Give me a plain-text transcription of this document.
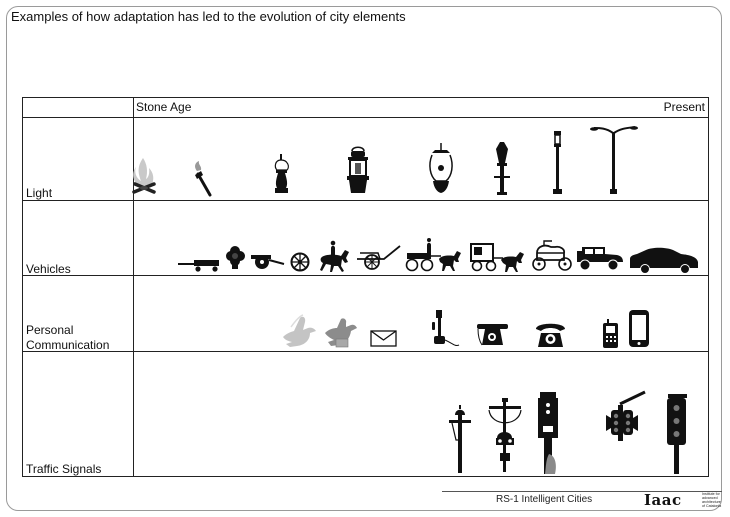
Examples of how adaptation has led to the evolution of city elements
Stone Age	Present
Light
Vehicles
Personal
Communication
Traffic Signals
RS-1 Intelligent Cities	Iaac	Institute for
advanced
architecture
of Catalonia
